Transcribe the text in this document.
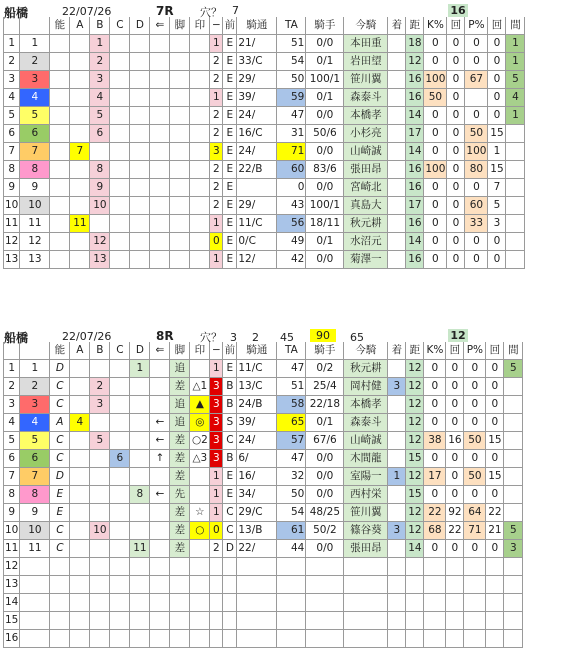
船橋	22/07/26	7R 穴？ 7	16
		能	A	B	C	D	⇐	脚	印	−	前	騎通	TA	騎手	今騎	着	距	K%	回	P%	回	間
1	1			1						1	E	21/	51	0/0	本田重		18	0	0	0	0	1
2	2			2						2	E	33/C	54	0/1	岩田望		12	0	0	0	0	1
3	3			3						2	E	29/	50	100/1	笹川翼		16	100	0	67	0	5
4	4			4						1	E	39/	59	0/1	森泰斗		16	50	0		0	4
5	5			5						2	E	24/	47	0/0	本橋孝		14	0	0	0	0	1
6	6			6						2	E	16/C	31	50/6	小杉亮		17	0	0	50	15	
7	7		7							3	E	24/	71	0/0	山崎誠		14	0	0	100	1	
8	8			8						2	E	22/B	60	83/6	張田昂		16	100	0	80	15	
9	9			9						2	E		0	0/0	宮崎北		16	0	0	0	7	
10	10			10						2	E	29/	43	100/1	真島大		17	0	0	60	5	
11	11		11							1	E	11/C	56	18/11	秋元耕		16	0	0	33	3	
12	12			12						0	E	0/C	49	0/1	水沼元		14	0	0	0	0	
13	13			13						1	E	12/	42	0/0	菊澤一		16	0	0	0	0	
船橋	22/07/26	8R 穴？ 3 2 45	90	65	12
		能	A	B	C	D	⇐	脚	印	−	前	騎通	TA	騎手	今騎	着	距	K%	回	P%	回	間
1	1	D				1		追		1	E	11/C	47	0/2	秋元耕		12	0	0	0	0	5
2	2	C		2				差	△1	3	B	13/C	51	25/4	岡村健	3	12	0	0	0	0	
3	3	C		3				追	▲	3	B	24/B	58	22/18	本橋孝		12	0	0	0	0	
4	4	A	4				←	追	◎	3	S	39/	65	0/1	森泰斗		12	0	0	0	0	
5	5	C		5			←	差	○2	3	C	24/	57	67/6	山崎誠		12	38	16	50	15	
6	6	C			6		↑	差	△3	3	B	6/	47	0/0	木間龍		15	0	0	0	0	
7	7	D						差		1	E	16/	32	0/0	室陽一	1	12	17	0	50	15	
8	8	E				8	←	先		1	E	34/	50	0/0	西村栄		15	0	0	0	0	
9	9	E						差	☆	1	C	29/C	54	48/25	笹川翼		12	22	92	64	22	
10	10	C		10				差	○	0	C	13/B	61	50/2	篠谷葵	3	12	68	22	71	21	5
11	11	C				11		差		2	D	22/	44	0/0	張田昂		14	0	0	0	0	3
12																						
13																						
14																						
15																						
16																						
